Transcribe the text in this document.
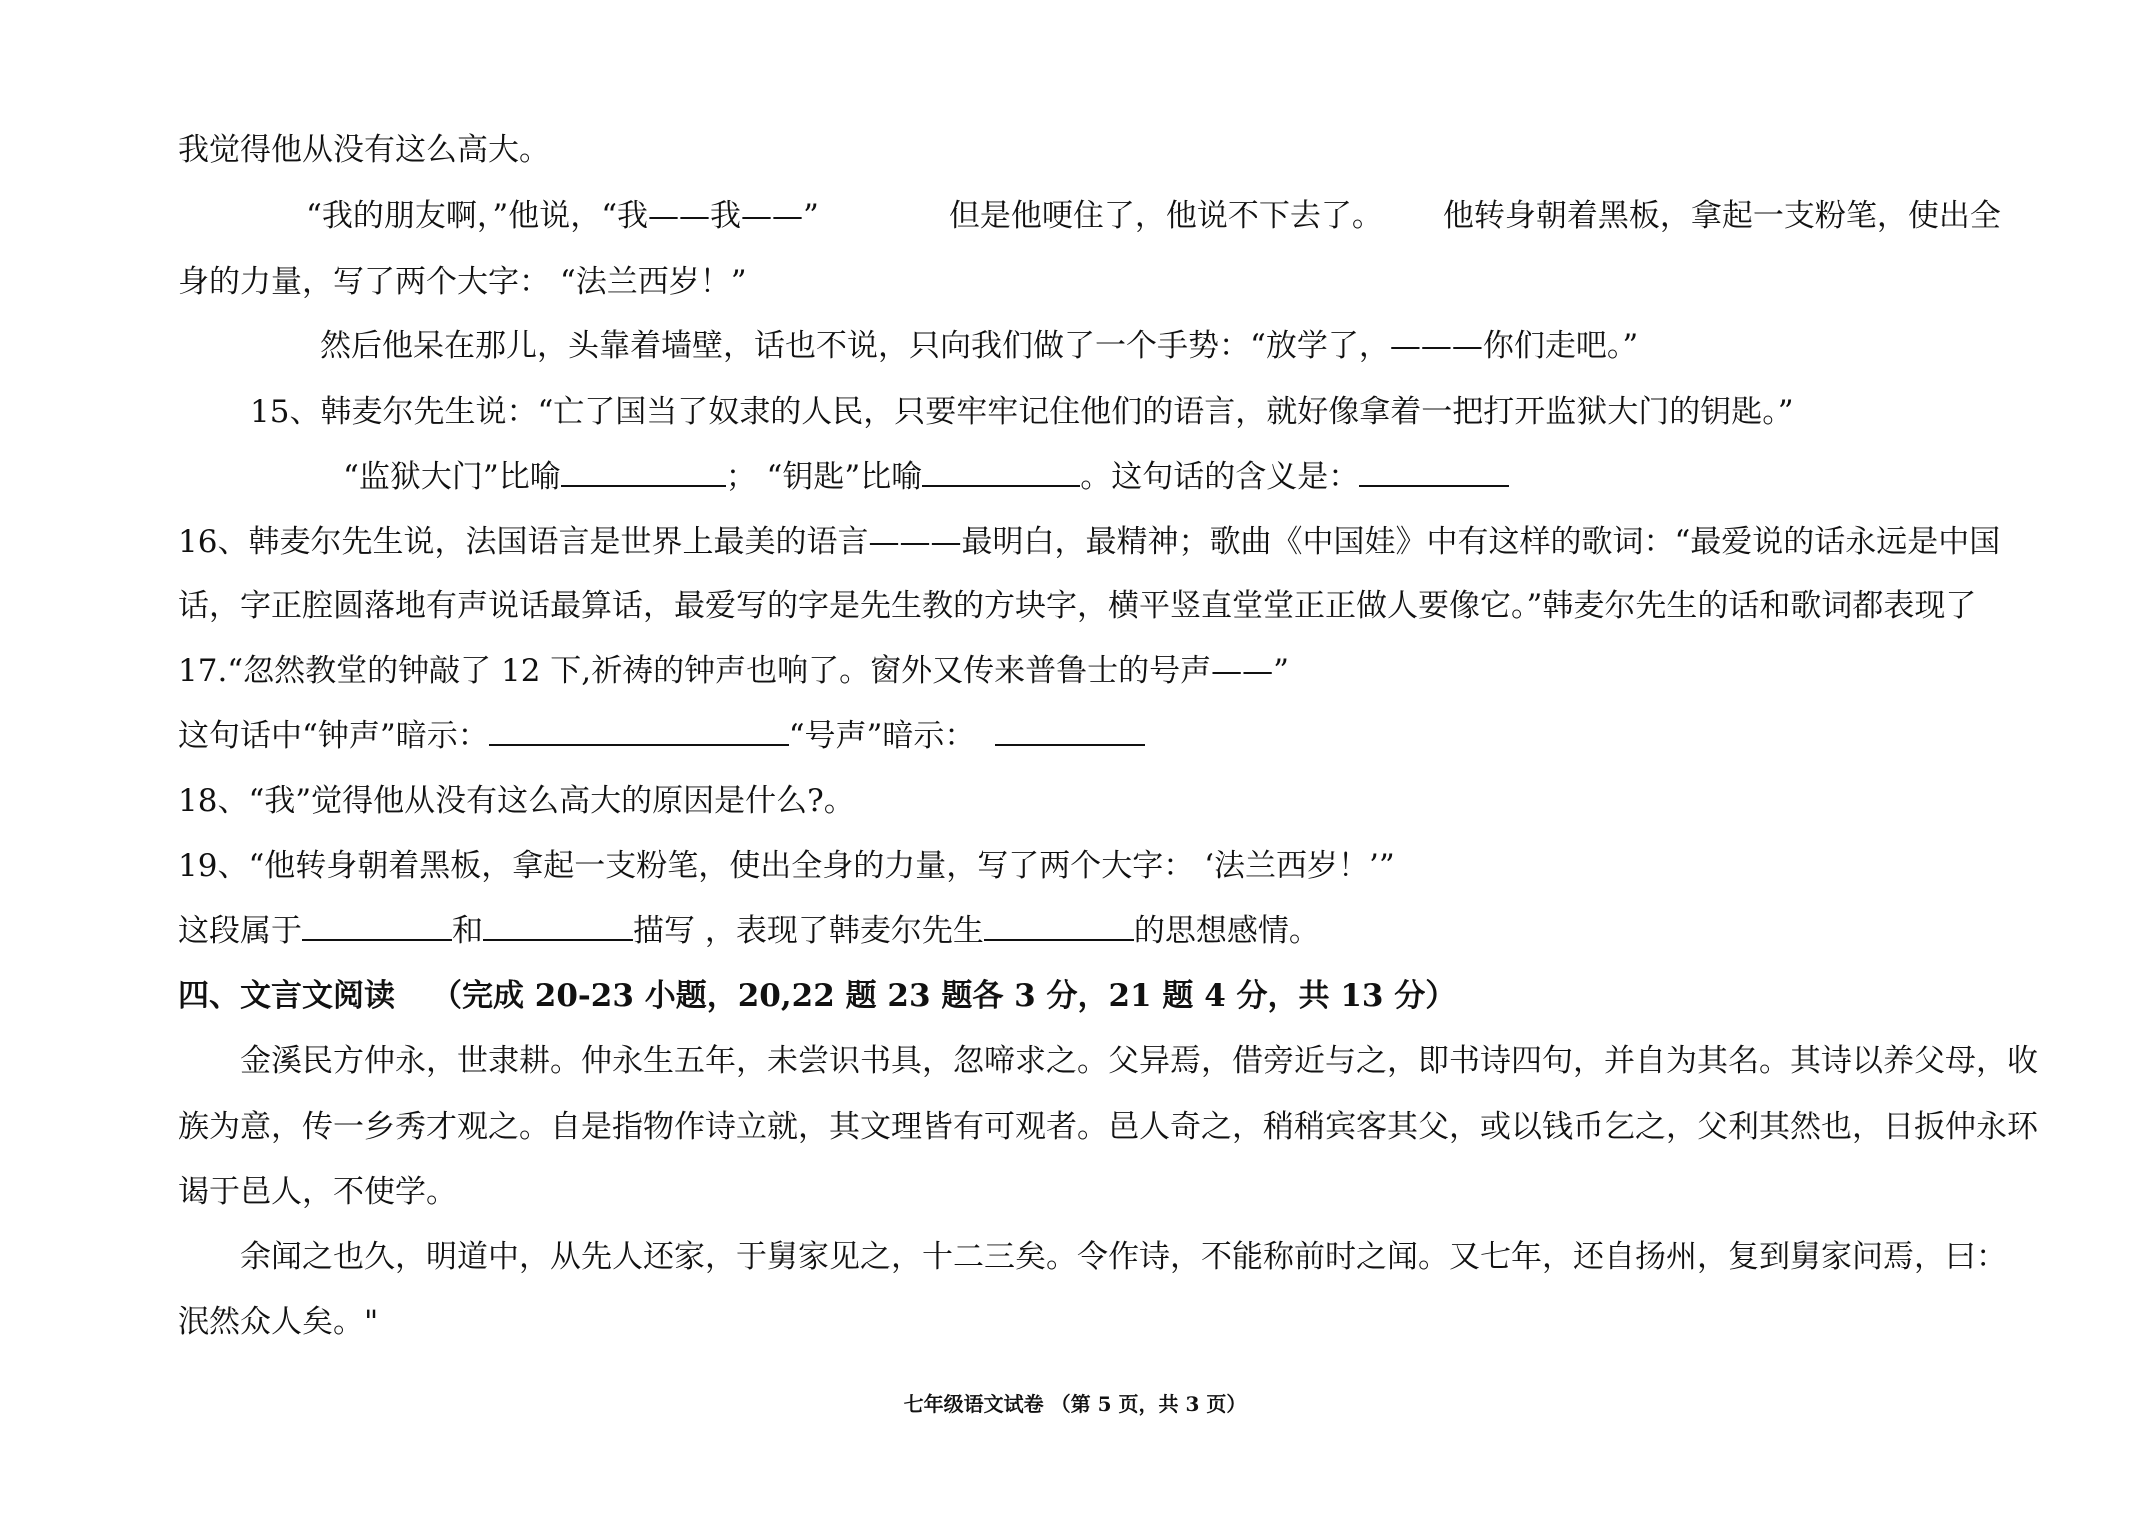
我觉得他从没有这么高大。
“我的朋友啊，”他说，“我——我——”	但是他哽住了，他说不下去了。 他转身朝着黑板，拿起一支粉笔，使出全
身的力量，写了两个大字： “法兰西岁！”
然后他呆在那儿，头靠着墙壁，话也不说，只向我们做了一个手势：“放学了，———你们走吧。”
15、韩麦尔先生说：“亡了国当了奴隶的人民，只要牢牢记住他们的语言，就好像拿着一把打开监狱大门的钥匙。”
“监狱大门”比喻	； “钥匙”比喻	。这句话的含义是：
16、韩麦尔先生说，法国语言是世界上最美的语言———最明白，最精神；歌曲《中国娃》中有这样的歌词：“最爱说的话永远是中国
话，字正腔圆落地有声说话最算话，最爱写的字是先生教的方块字，横平竖直堂堂正正做人要像它。”韩麦尔先生的话和歌词都表现了
17.“忽然教堂的钟敲了 12 下,祈祷的钟声也响了。窗外又传来普鲁士的号声——”
这句话中“钟声”暗示：	“号声”暗示：
18、“我”觉得他从没有这么高大的原因是什么?。
19、“他转身朝着黑板，拿起一支粉笔，使出全身的力量，写了两个大字： ‘法兰西岁！’”
这段属于	和	描写 ，表现了韩麦尔先生	的思想感情。
四、文言文阅读 （完成 20-23 小题，20,22 题 23 题各 3 分，21 题 4 分，共 13 分）
金溪民方仲永，世隶耕。仲永生五年，未尝识书具，忽啼求之。父异焉，借旁近与之，即书诗四句，并自为其名。其诗以养父母，收
族为意，传一乡秀才观之。自是指物作诗立就，其文理皆有可观者。邑人奇之，稍稍宾客其父，或以钱币乞之，父利其然也，日扳仲永环
谒于邑人，不使学。
余闻之也久，明道中，从先人还家，于舅家见之，十二三矣。令作诗，不能称前时之闻。又七年，还自扬州，复到舅家问焉，曰：
泯然众人矣。"
七年级语文试卷 （第 5 页，共 3 页）
